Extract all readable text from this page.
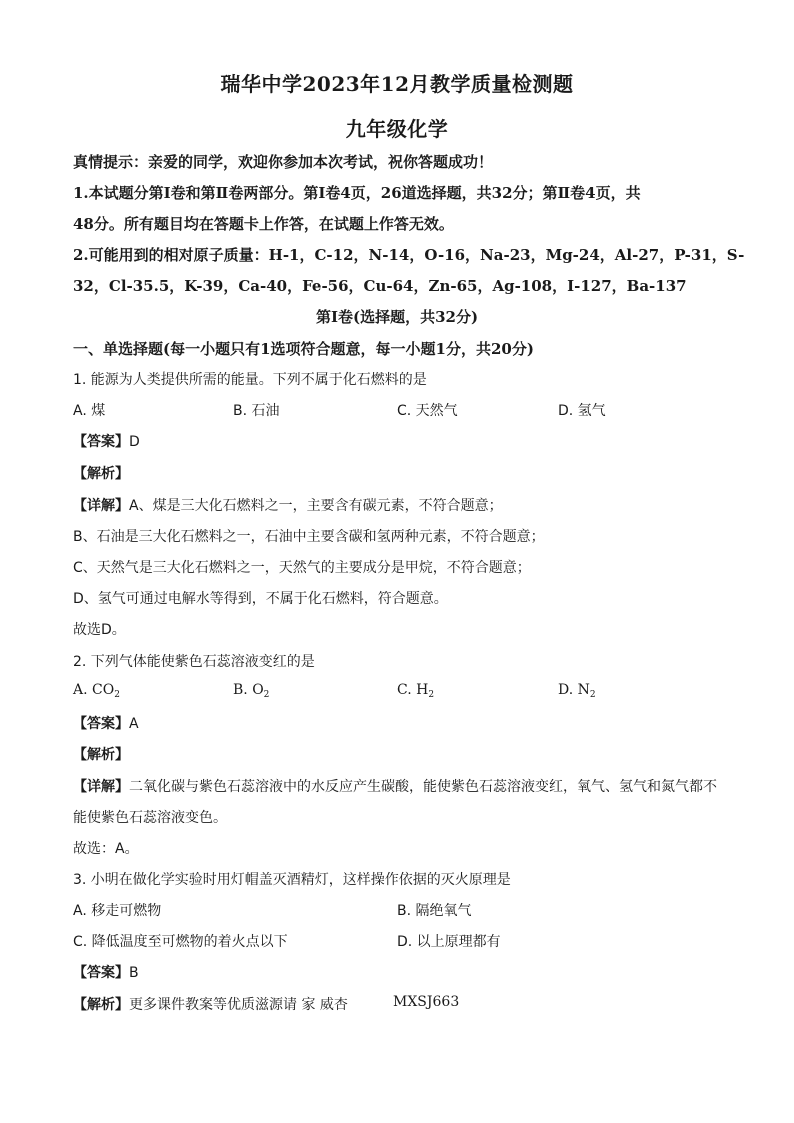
瑞华中学2023年12月教学质量检测题
九年级化学
真情提示：亲爱的同学，欢迎你参加本次考试，祝你答题成功！
1.本试题分第Ⅰ卷和第Ⅱ卷两部分。第Ⅰ卷4页，26道选择题，共32分；第Ⅱ卷4页，共
48分。所有题目均在答题卡上作答，在试题上作答无效。
2.可能用到的相对原子质量：H-1，C-12，N-14，O-16，Na-23，Mg-24，Al-27，P-31，S-
32，Cl-35.5，K-39，Ca-40，Fe-56，Cu-64，Zn-65，Ag-108，I-127，Ba-137
第Ⅰ卷(选择题，共32分)
一、单选择题(每一小题只有1选项符合题意，每一小题1分，共20分)
1. 能源为人类提供所需的能量。下列不属于化石燃料的是
A. 煤	B. 石油	C. 天然气	D. 氢气
【答案】D
【解析】
【详解】A、煤是三大化石燃料之一，主要含有碳元素，不符合题意；
B、石油是三大化石燃料之一，石油中主要含碳和氢两种元素，不符合题意；
C、天然气是三大化石燃料之一，天然气的主要成分是甲烷，不符合题意；
D、氢气可通过电解水等得到，不属于化石燃料，符合题意。
故选D。
2. 下列气体能使紫色石蕊溶液变红的是
A. $CO_2$	B. $O_2$	C. $H_2$	D. $N_2$
【答案】A
【解析】
【详解】二氧化碳与紫色石蕊溶液中的水反应产生碳酸，能使紫色石蕊溶液变红，氧气、氢气和氮气都不
能使紫色石蕊溶液变色。
故选：A。
3. 小明在做化学实验时用灯帽盖灭酒精灯，这样操作依据的灭火原理是
A. 移走可燃物	B. 隔绝氧气
C. 降低温度至可燃物的着火点以下	D. 以上原理都有
【答案】B
【解析】更多课件教案等优质滋源请 家 威杏	MXSJ663
